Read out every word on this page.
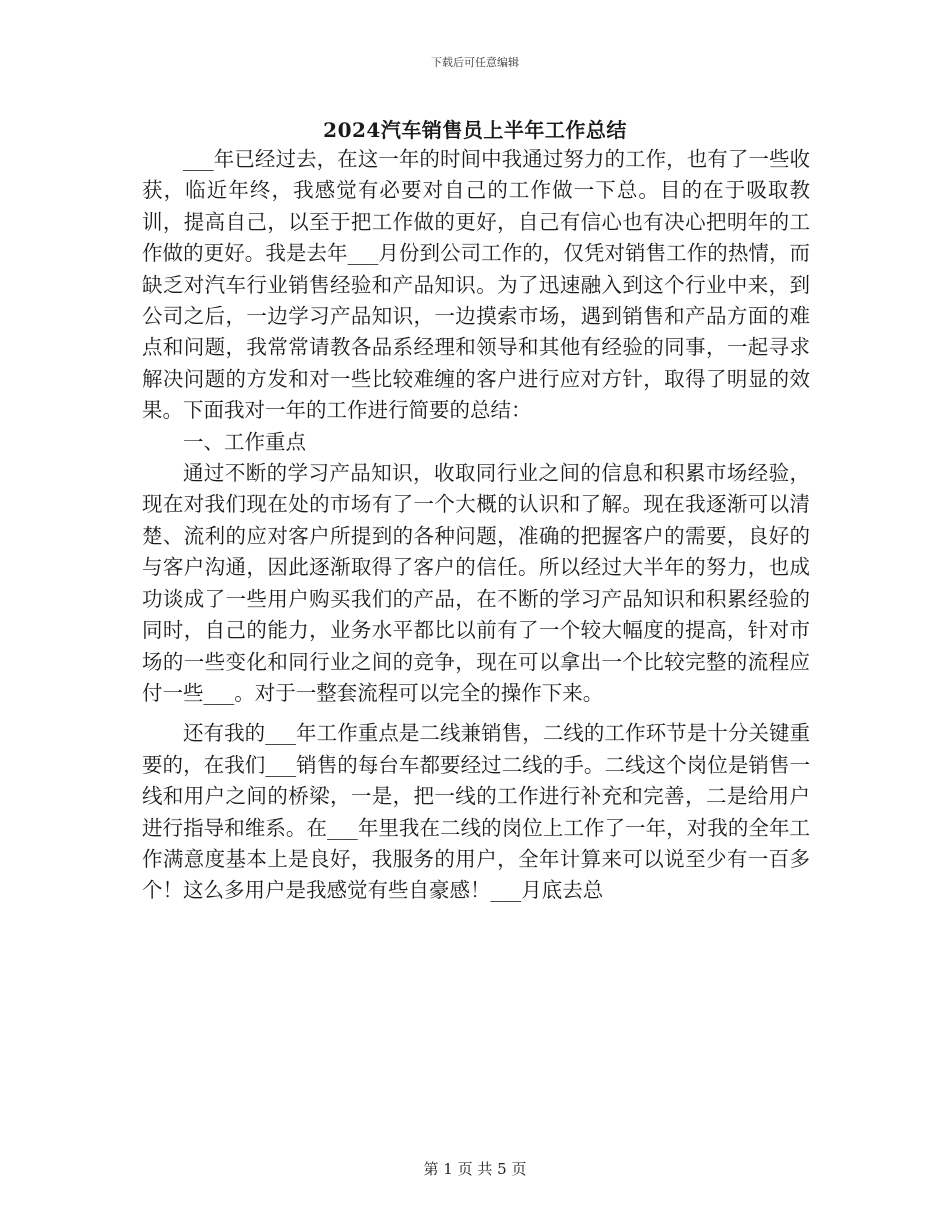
下载后可任意编辑
2024汽车销售员上半年工作总结

___年已经过去，在这一年的时间中我通过努力的工作，也有了一些收获，临近年终，我感觉有必要对自己的工作做一下总。目的在于吸取教训，提高自己，以至于把工作做的更好，自己有信心也有决心把明年的工作做的更好。我是去年___月份到公司工作的，仅凭对销售工作的热情，而缺乏对汽车行业销售经验和产品知识。为了迅速融入到这个行业中来，到公司之后，一边学习产品知识，一边摸索市场，遇到销售和产品方面的难点和问题，我常常请教各品系经理和领导和其他有经验的同事，一起寻求解决问题的方发和对一些比较难缠的客户进行应对方针，取得了明显的效果。下面我对一年的工作进行简要的总结：

一、工作重点

通过不断的学习产品知识，收取同行业之间的信息和积累市场经验，现在对我们现在处的市场有了一个大概的认识和了解。现在我逐渐可以清楚、流利的应对客户所提到的各种问题，准确的把握客户的需要，良好的与客户沟通，因此逐渐取得了客户的信任。所以经过大半年的努力，也成功谈成了一些用户购买我们的产品，在不断的学习产品知识和积累经验的同时，自己的能力，业务水平都比以前有了一个较大幅度的提高，针对市场的一些变化和同行业之间的竞争，现在可以拿出一个比较完整的流程应付一些___。对于一整套流程可以完全的操作下来。

还有我的___年工作重点是二线兼销售，二线的工作环节是十分关键重要的，在我们___销售的每台车都要经过二线的手。二线这个岗位是销售一线和用户之间的桥梁，一是，把一线的工作进行补充和完善，二是给用户进行指导和维系。在___年里我在二线的岗位上工作了一年，对我的全年工作满意度基本上是良好，我服务的用户，全年计算来可以说至少有一百多个！这么多用户是我感觉有些自豪感！___月底去总

第 1 页 共 5 页
